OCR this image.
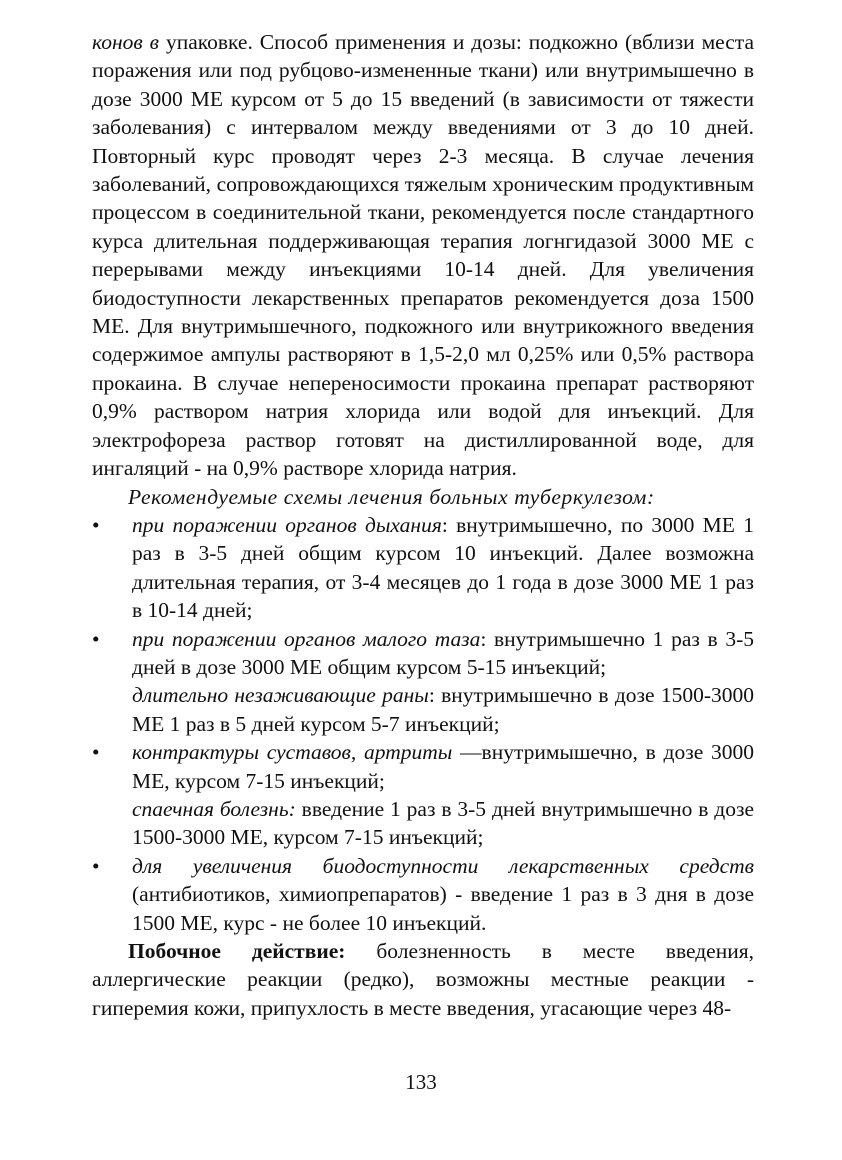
конов в упаковке. Способ применения и дозы: подкожно (вблизи места поражения или под рубцово-измененные ткани) или внутримышечно в дозе 3000 МЕ курсом от 5 до 15 введений (в зависимости от тяжести заболевания) с интервалом между введениями от 3 до 10 дней. Повторный курс проводят через 2-3 месяца. В случае лечения заболеваний, сопровождающихся тяжелым хроническим продуктивным процессом в соединительной ткани, рекомендуется после стандартного курса длительная поддерживающая терапия логнгидазой 3000 МЕ с перерывами между инъекциями 10-14 дней. Для увеличения биодоступности лекарственных препаратов рекомендуется доза 1500 МЕ. Для внутримышечного, подкожного или внутрикожного введения содержимое ампулы растворяют в 1,5-2,0 мл 0,25% или 0,5% раствора прокаина. В случае непереносимости прокаина препарат растворяют 0,9% раствором натрия хлорида или водой для инъекций. Для электрофореза раствор готовят на дистиллированной воде, для ингаляций - на 0,9% растворе хлорида натрия.

Рекомендуемые схемы лечения больных туберкулезом:

• при поражении органов дыхания: внутримышечно, по 3000 МЕ 1 раз в 3-5 дней общим курсом 10 инъекций. Далее возможна длительная терапия, от 3-4 месяцев до 1 года в дозе 3000 МЕ 1 раз в 10-14 дней;
• при поражении органов малого таза: внутримышечно 1 раз в 3-5 дней в дозе 3000 МЕ общим курсом 5-15 инъекций;
длительно незаживающие раны: внутримышечно в дозе 1500-3000 МЕ 1 раз в 5 дней курсом 5-7 инъекций;
• контрактуры суставов, артриты —внутримышечно, в дозе 3000 МЕ, курсом 7-15 инъекций;
спаечная болезнь: введение 1 раз в 3-5 дней внутримышечно в дозе 1500-3000 МЕ, курсом 7-15 инъекций;
• для увеличения биодоступности лекарственных средств (антибиотиков, химиопрепаратов) - введение 1 раз в 3 дня в дозе 1500 МЕ, курс - не более 10 инъекций.

Побочное действие: болезненность в месте введения, аллергические реакции (редко), возможны местные реакции - гиперемия кожи, припухлость в месте введения, угасающие через 48-

133
